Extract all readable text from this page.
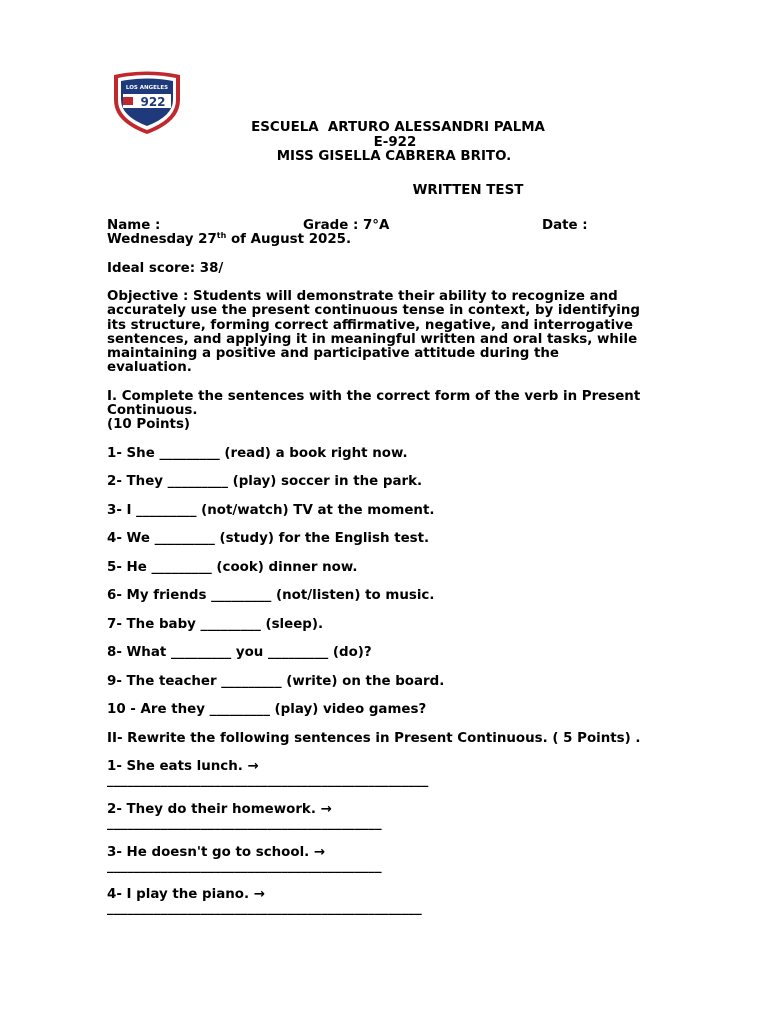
LOS ANGELES
922
ESCUELA  ARTURO ALESSANDRI PALMA
E-922
MISS GISELLA CABRERA BRITO.
WRITTEN TEST
Name :	Grade : 7°A	Date :

Wednesday 27th of August 2025.

Ideal score: 38/

Objective : Students will demonstrate their ability to recognize and accurately use the present continuous tense in context, by identifying its structure, forming correct affirmative, negative, and interrogative sentences, and applying it in meaningful written and oral tasks, while maintaining a positive and participative attitude during the evaluation.

I. Complete the sentences with the correct form of the verb in Present Continuous.

(10 Points)

1- She _________ (read) a book right now.

2- They _________ (play) soccer in the park.

3- I _________ (not/watch) TV at the moment.

4- We _________ (study) for the English test.

5- He _________ (cook) dinner now.

6- My friends _________ (not/listen) to music.

7- The baby _________ (sleep).

8- What _________ you _________ (do)?

9- The teacher _________ (write) on the board.

10 - Are they _________ (play) video games?

II- Rewrite the following sentences in Present Continuous. ( 5 Points) .

1- She eats lunch. →

________________________________________________

2- They do their homework. →

_________________________________________

3- He doesn't go to school. →

_________________________________________

4- I play the piano. →

_______________________________________________
